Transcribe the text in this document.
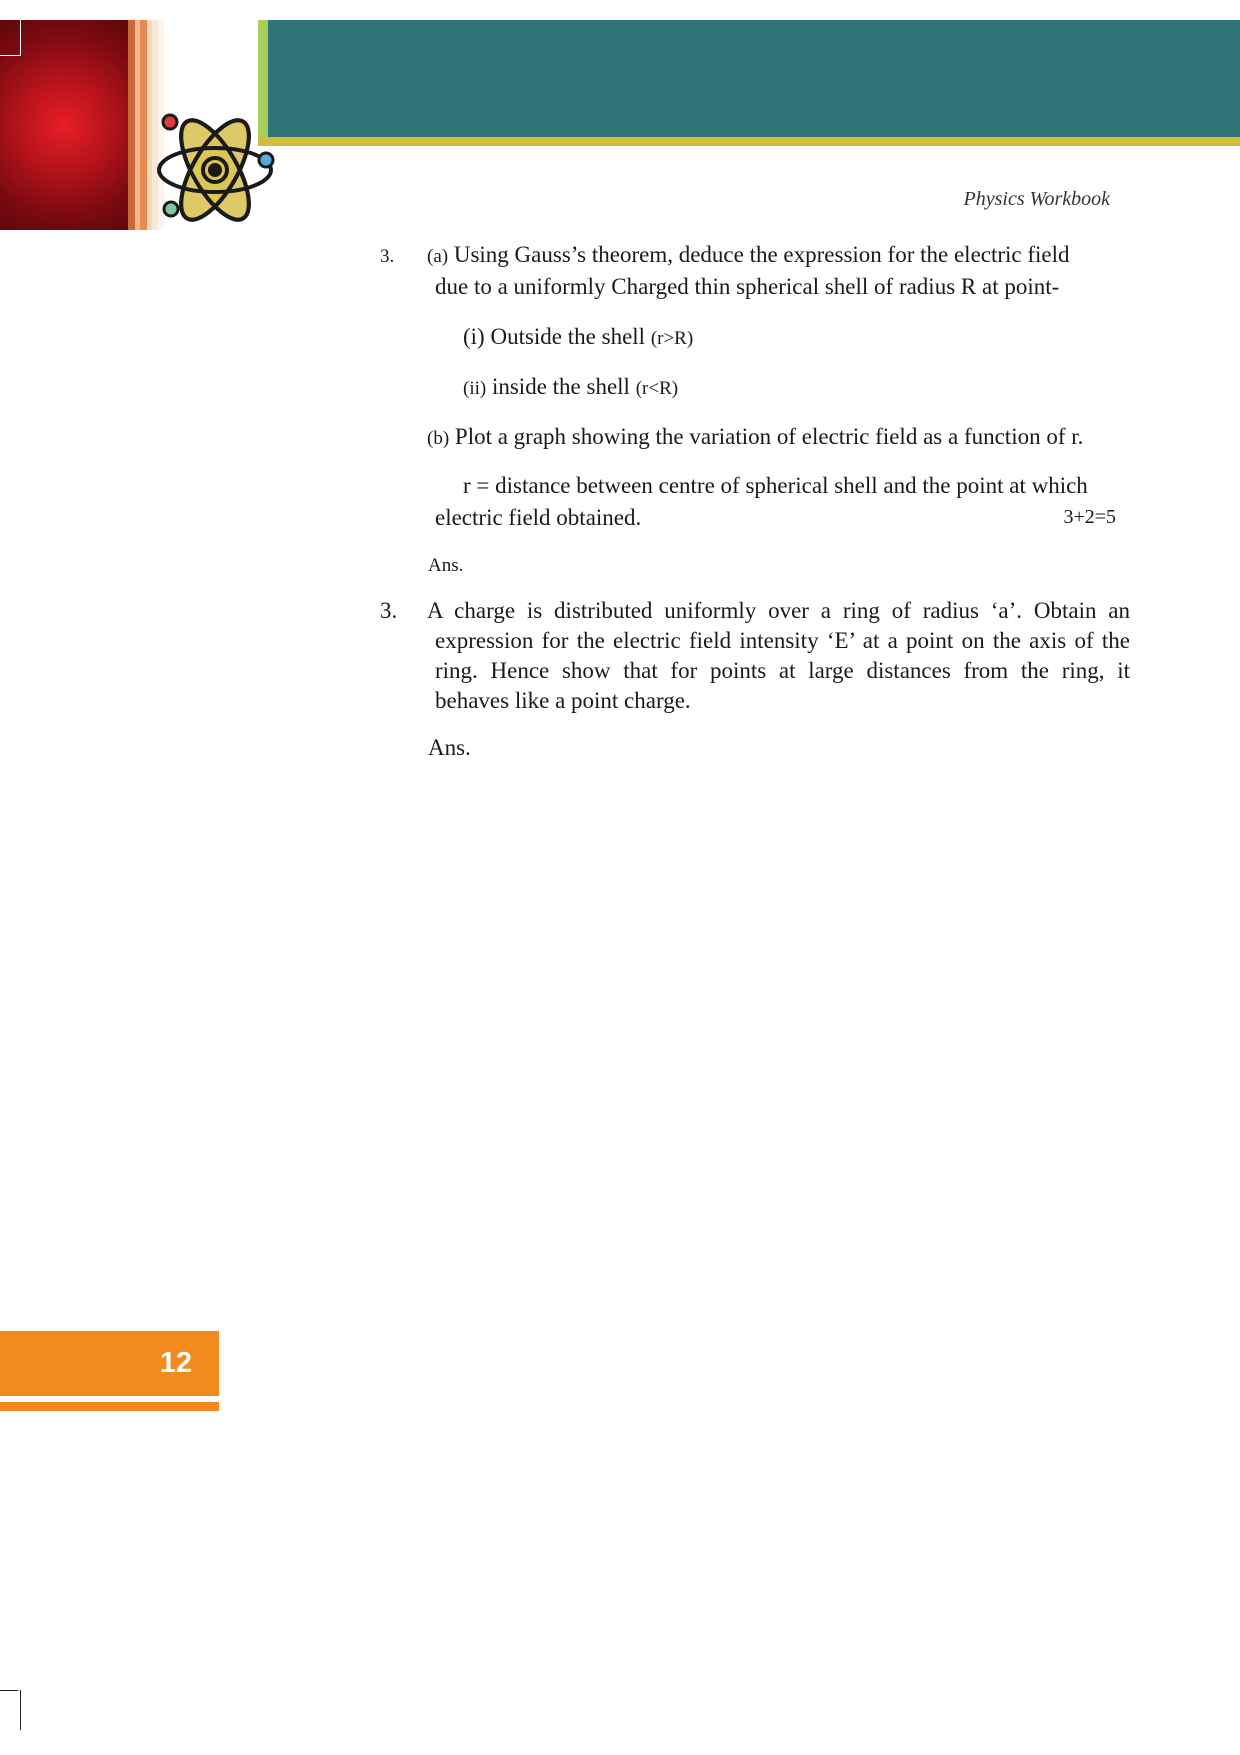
Physics Workbook
3. (a) Using Gauss’s theorem, deduce the expression for the electric field
due to a uniformly Charged thin spherical shell of radius R at point-
(i) Outside the shell (r>R)
(ii) inside the shell (r<R)
(b) Plot a graph showing the variation of electric field as a function of r.
r = distance between centre of spherical shell and the point at which
electric field obtained.	3+2=5
Ans.
3. A charge is distributed uniformly over a ring of radius ‘a’. Obtain an
expression for the electric field intensity ‘E’ at a point on the axis of the
ring. Hence show that for points at large distances from the ring, it
behaves like a point charge.
Ans.
12
